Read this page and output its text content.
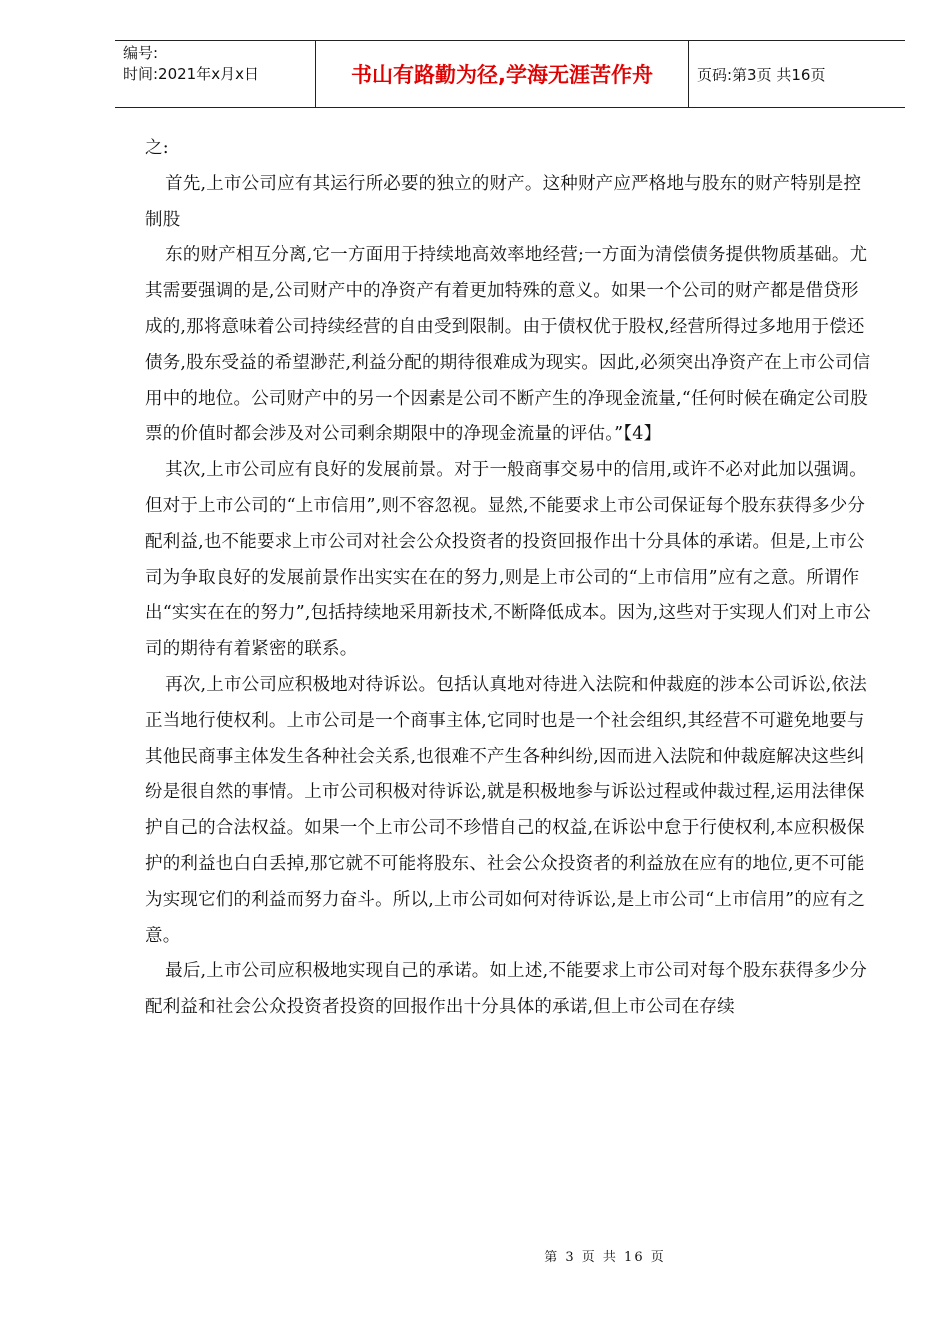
编号:
时间:2021年x月x日	书山有路勤为径,学海无涯苦作舟	页码:第3页 共16页

之:

首先,上市公司应有其运行所必要的独立的财产。这种财产应严格地与股东的财产特别是控制股

东的财产相互分离,它一方面用于持续地高效率地经营;一方面为清偿债务提供物质基础。尤其需要强调的是,公司财产中的净资产有着更加特殊的意义。如果一个公司的财产都是借贷形成的,那将意味着公司持续经营的自由受到限制。由于债权优于股权,经营所得过多地用于偿还债务,股东受益的希望渺茫,利益分配的期待很难成为现实。因此,必须突出净资产在上市公司信用中的地位。公司财产中的另一个因素是公司不断产生的净现金流量,“任何时候在确定公司股票的价值时都会涉及对公司剩余期限中的净现金流量的评估。”【4】

其次,上市公司应有良好的发展前景。对于一般商事交易中的信用,或许不必对此加以强调。但对于上市公司的“上市信用”,则不容忽视。显然,不能要求上市公司保证每个股东获得多少分配利益,也不能要求上市公司对社会公众投资者的投资回报作出十分具体的承诺。但是,上市公司为争取良好的发展前景作出实实在在的努力,则是上市公司的“上市信用”应有之意。所谓作出“实实在在的努力”,包括持续地采用新技术,不断降低成本。因为,这些对于实现人们对上市公司的期待有着紧密的联系。

再次,上市公司应积极地对待诉讼。包括认真地对待进入法院和仲裁庭的涉本公司诉讼,依法正当地行使权利。上市公司是一个商事主体,它同时也是一个社会组织,其经营不可避免地要与其他民商事主体发生各种社会关系,也很难不产生各种纠纷,因而进入法院和仲裁庭解决这些纠纷是很自然的事情。上市公司积极对待诉讼,就是积极地参与诉讼过程或仲裁过程,运用法律保护自己的合法权益。如果一个上市公司不珍惜自己的权益,在诉讼中怠于行使权利,本应积极保护的利益也白白丢掉,那它就不可能将股东、社会公众投资者的利益放在应有的地位,更不可能为实现它们的利益而努力奋斗。所以,上市公司如何对待诉讼,是上市公司“上市信用”的应有之意。

最后,上市公司应积极地实现自己的承诺。如上述,不能要求上市公司对每个股东获得多少分配利益和社会公众投资者投资的回报作出十分具体的承诺,但上市公司在存续

第 3 页 共 16 页
